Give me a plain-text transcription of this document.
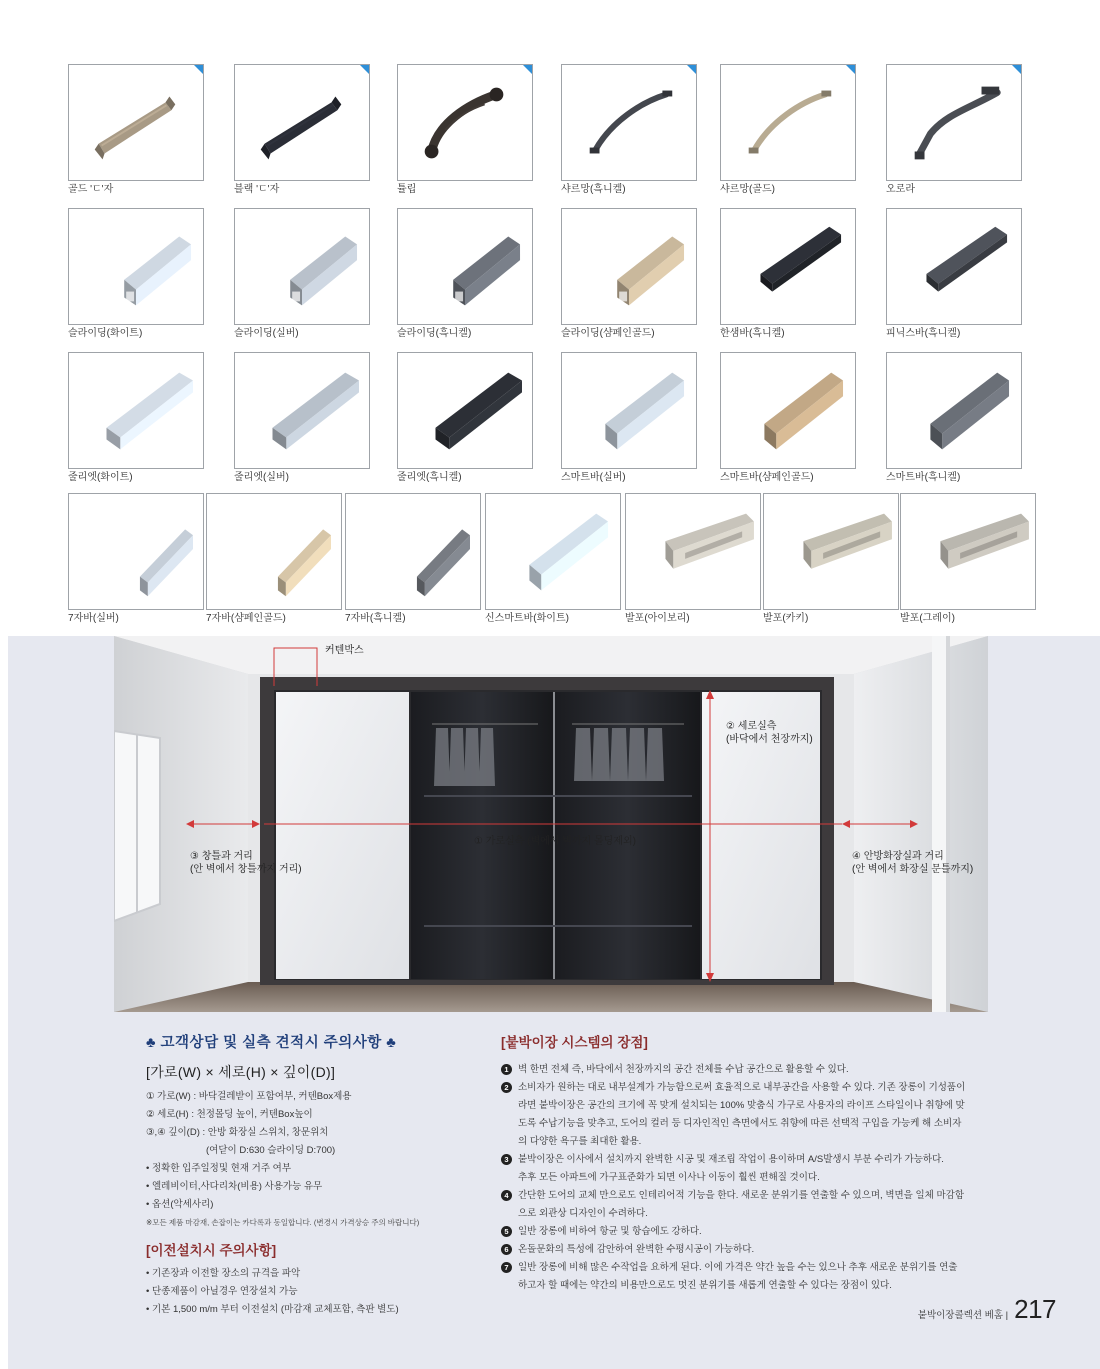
골드 'ㄷ'자	블랙 'ㄷ'자	튤립	샤르망(흑니켈)	샤르망(골드)	오로라
슬라이딩(화이트)	슬라이딩(실버)	슬라이딩(흑니켈)	슬라이딩(샴페인골드)	한샘바(흑니켈)	피닉스바(흑니켈)
줄리엣(화이트)	줄리엣(실버)	줄리엣(흑니켈)	스마트바(실버)	스마트바(샴페인골드)	스마트바(흑니켈)
7자바(실버)	7자바(샴페인골드)	7자바(흑니켈)	신스마트바(화이트)	발포(아이보리)	발포(카키)	발포(그레이)
커텐박스
② 세로실측
(바닥에서 천장까지)
① 가로실측 (벽에서 벽까지 몰딩제외)
③ 창틀과 거리
(안 벽에서 창틀까지 거리)
④ 안방화장실과 거리
(안 벽에서 화장실 문틀까지)
♣ 고객상담 및 실측 견적시 주의사항 ♣
[가로(W) × 세로(H) × 깊이(D)]
① 가로(W) : 바닥걸레받이 포함여부, 커텐Box제용
② 세로(H) : 천정몰딩 높이, 커텐Box높이
③,④ 깊이(D) : 안방 화장실 스위치, 창문위치
(여닫이 D:630 슬라이딩 D:700)
• 정확한 입주일정및 현재 거주 여부
• 엘레비이터,사다리차(비용) 사용가능 유무
• 옵션(악세사리)
※모든 제품 마감재, 손잡이는 카다록과 동일합니다. (변경시 가격상승 주의 바랍니다)
[이전설치시 주의사항]
• 기존장과 이전할 장소의 규격을 파악
• 단종제품이 아닐경우 연장설치 가능
• 기본 1,500 m/m 부터 이전설치 (마감재 교체포함, 측판 별도)
[붙박이장 시스템의 장점]
1 벽 한면 전체 즉, 바닥에서 천장까지의 공간 전체를 수납 공간으로 활용할 수 있다.
2 소비자가 원하는 대로 내부설계가 가능함으로써 효율적으로 내부공간을 사용할 수 있다. 기존 장롱이 기성품이
라면 붙박이장은 공간의 크기에 꼭 맞게 설치되는 100% 맞춤식 가구로 사용자의 라이프 스타일이나 취향에 맞
도록 수납기능을 맞추고, 도어의 컬러 등 디자인적인 측면에서도 취향에 따른 선택적 구입을 가능케 해 소비자
의 다양한 욕구를 최대한 활용.
3 붙박이장은 이사에서 설치까지 완벽한 시공 및 재조립 작업이 용이하며 A/S발생시 부분 수리가 가능하다.
추후 모든 아파트에 가구표준화가 되면 이사나 이동이 훨씬 편해질 것이다.
4 간단한 도어의 교체 만으로도 인테리어적 기능을 한다. 새로운 분위기를 연출할 수 있으며, 벽면을 일체 마감함
으로 외관상 디자인이 수려하다.
5 일반 장롱에 비하여 항균 및 항습에도 강하다.
6 온돌문화의 특성에 감안하여 완벽한 수평시공이 가능하다.
7 일반 장롱에 비해 많은 수작업을 요하게 된다. 이에 가격은 약간 높을 수는 있으나 추후 새로운 분위기를 연출
하고자 할 때에는 약간의 비용만으로도 멋진 분위기를 새롭게 연출할 수 있다는 장점이 있다.
붙박이장콜렉션 베홈 | 217
